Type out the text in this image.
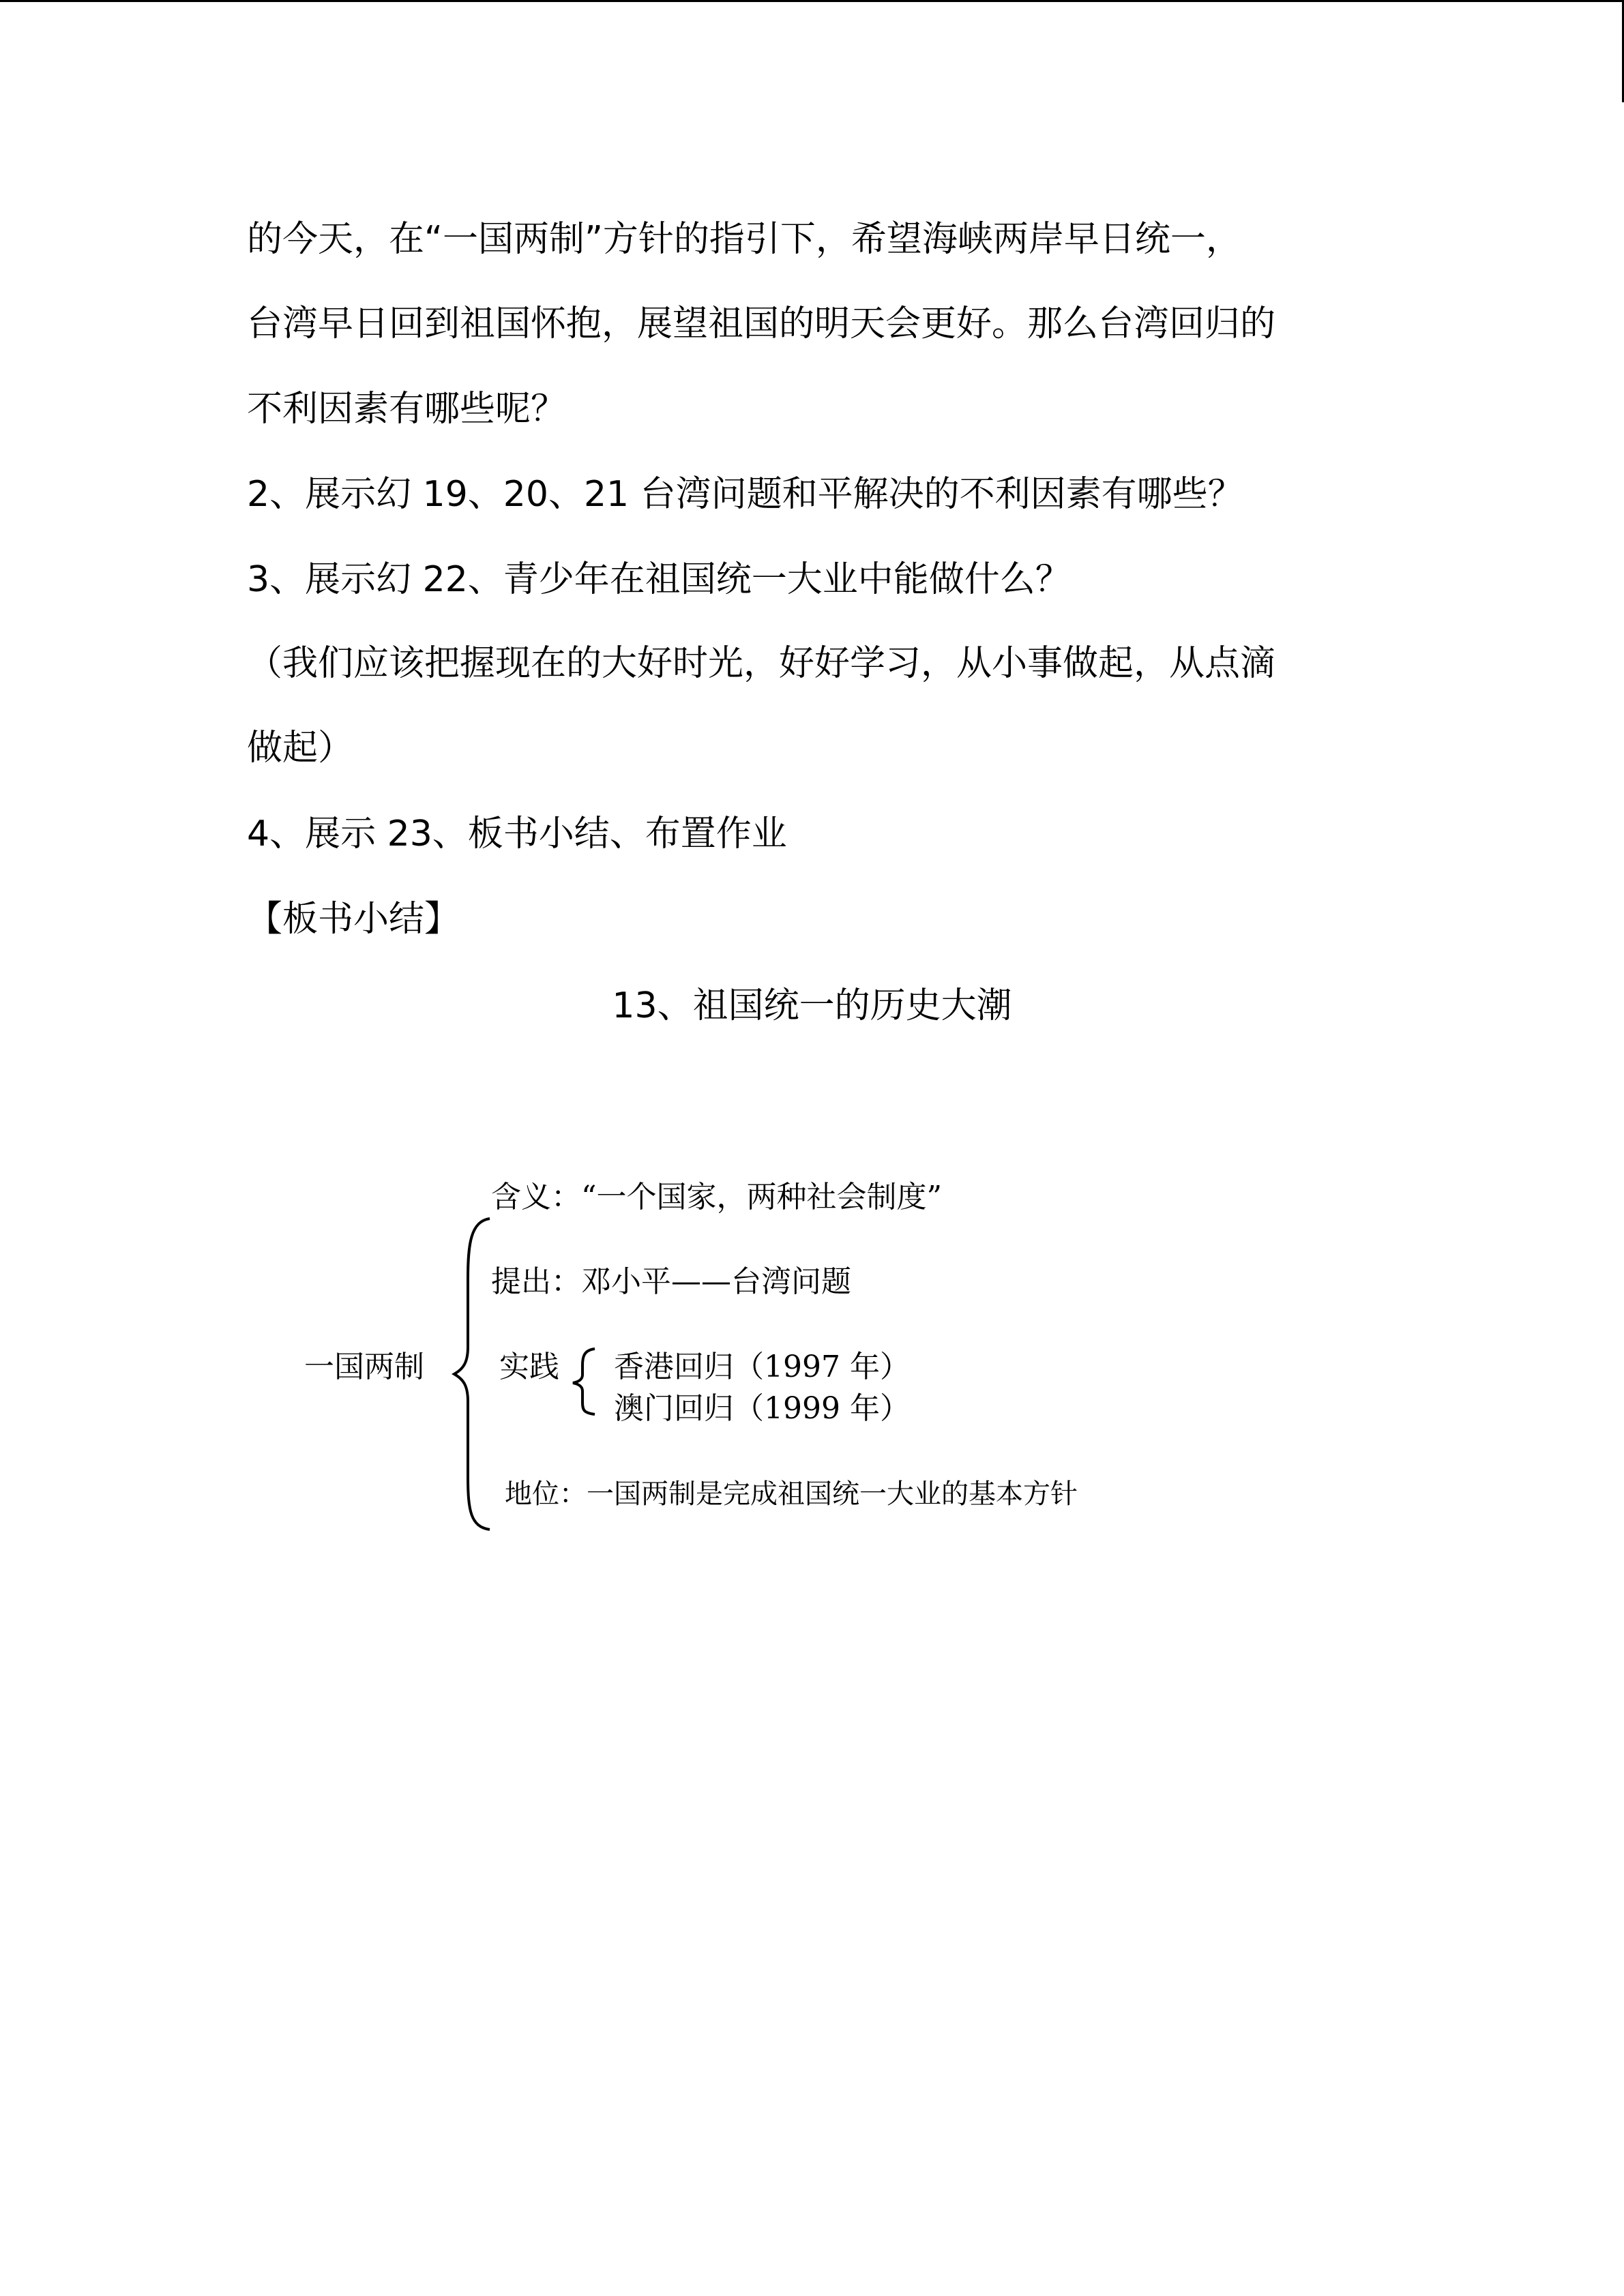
的今天，在“一国两制”方针的指引下，希望海峡两岸早日统一，

台湾早日回到祖国怀抱，展望祖国的明天会更好。那么台湾回归的

不利因素有哪些呢？

2、展示幻 19、20、21 台湾问题和平解决的不利因素有哪些？

3、展示幻 22、青少年在祖国统一大业中能做什么？

（我们应该把握现在的大好时光，好好学习，从小事做起，从点滴

做起）

4、展示 23、板书小结、布置作业

【板书小结】

13、祖国统一的历史大潮

一国两制

含义：“一个国家，两种社会制度”

提出：邓小平——台湾问题

实践 香港回归（1997 年）

澳门回归（1999 年）

地位：一国两制是完成祖国统一大业的基本方针
